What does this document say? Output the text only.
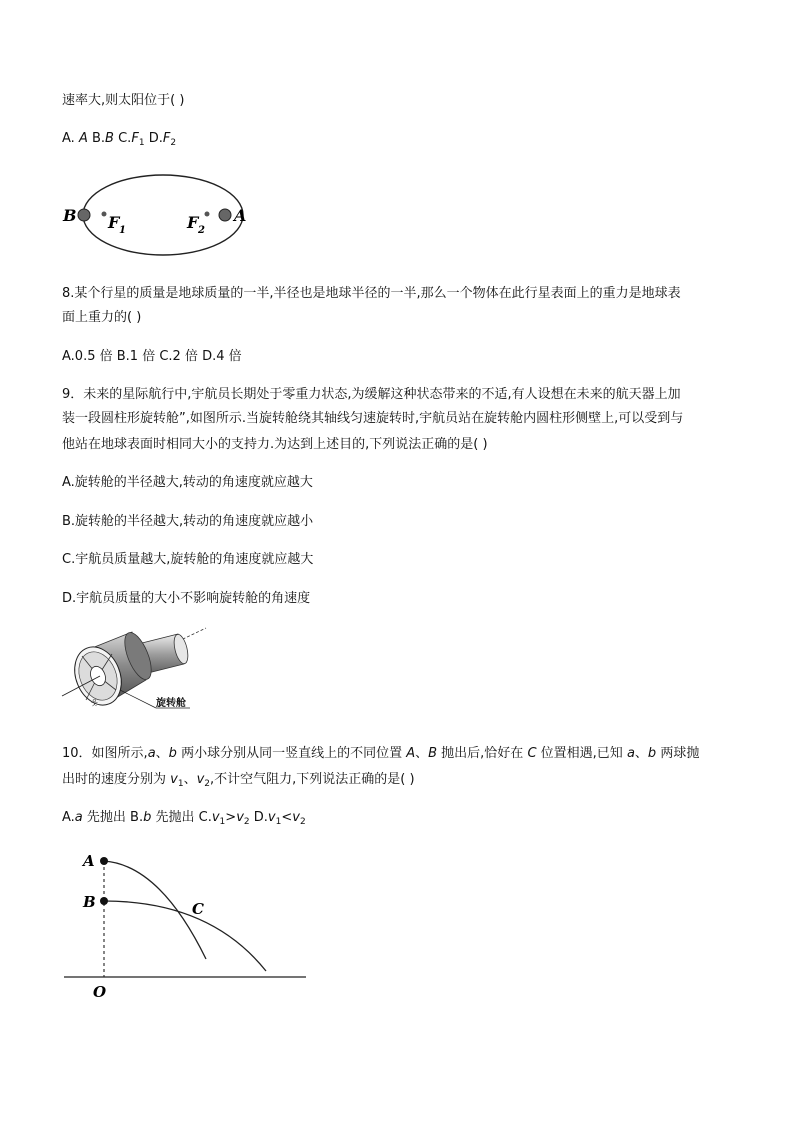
速率大,则太阳位于( )
A. A B.B $C.F_1$ $D.F_2$
B	A
F 1	F 2
8.某个行星的质量是地球质量的一半,半径也是地球半径的一半,那么一个物体在此行星表面上的重力是地球表
面上重力的( )
A.0.5 倍 B.1 倍 C.2 倍 D.4 倍
9．未来的星际航行中,宇航员长期处于零重力状态,为缓解这种状态带来的不适,有人设想在未来的航天器上加
装一段圆柱形旋转舱”,如图所示.当旋转舱绕其轴线匀速旋转时,宇航员站在旋转舱内圆柱形侧壁上,可以受到与
他站在地球表面时相同大小的支持力.为达到上述目的,下列说法正确的是( )
A.旋转舱的半径越大,转动的角速度就应越大
B.旋转舱的半径越大,转动的角速度就应越小
C.宇航员质量越大,旋转舱的角速度就应越大
D.宇航员质量的大小不影响旋转舱的角速度
웃	旋转舱
10．如图所示,a、b 两小球分别从同一竖直线上的不同位置 A、B 抛出后,恰好在 C 位置相遇,已知 a、b 两球抛
出时的速度分别为 $v_1$、$v_2$,不计空气阻力,下列说法正确的是( )
A.a 先抛出 B.b 先抛出 $C.v_1>v_2$ $D.v_1<v_2$
A
B	C
O
